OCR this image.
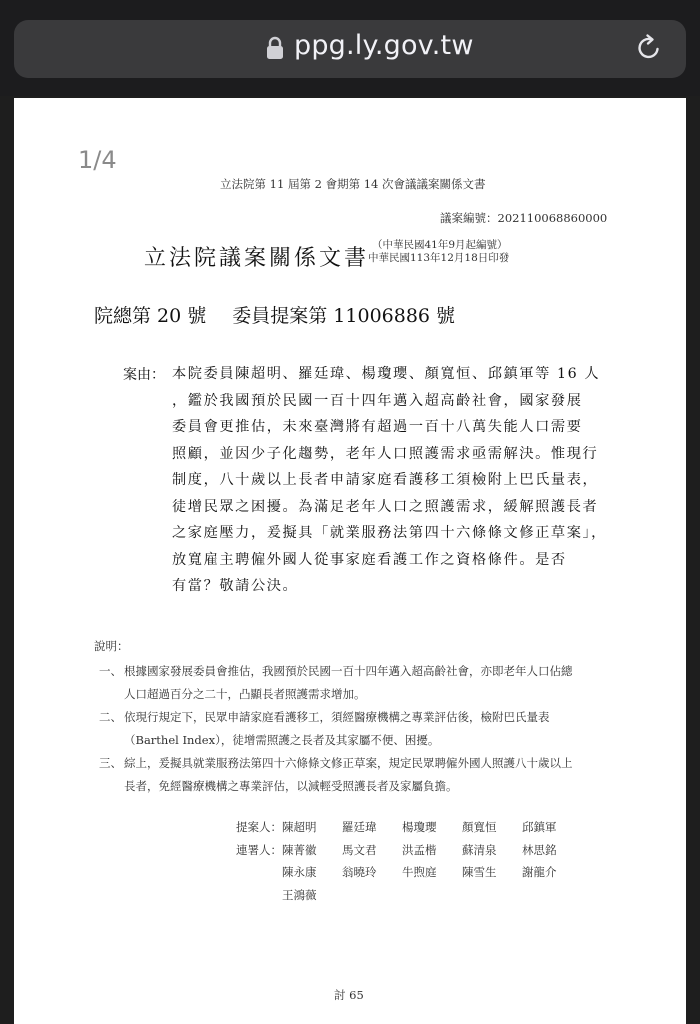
ppg.ly.gov.tw
1/4
立法院第 11 屆第 2 會期第 14 次會議議案關係文書
議案編號：202110068860000
立法院議案關係文書
（中華民國41年9月起編號）
中華民國113年12月18日印發
院總第 20 號 委員提案第 11006886 號
案由： 本院委員陳超明、羅廷瑋、楊瓊瓔、顏寬恒、邱鎮軍等 16 人

，鑑於我國預於民國一百十四年邁入超高齡社會，國家發展

委員會更推估，未來臺灣將有超過一百十八萬失能人口需要

照顧，並因少子化趨勢，老年人口照護需求亟需解決。惟現行

制度，八十歲以上長者申請家庭看護移工須檢附上巴氏量表，

徒增民眾之困擾。為滿足老年人口之照護需求，緩解照護長者

之家庭壓力，爰擬具「就業服務法第四十六條條文修正草案」，

放寬雇主聘僱外國人從事家庭看護工作之資格條件。是否

有當？敬請公決。

說明：
一、 根據國家發展委員會推估，我國預於民國一百十四年邁入超高齡社會，亦即老年人口佔總
人口超過百分之二十，凸顯長者照護需求增加。
二、 依現行規定下，民眾申請家庭看護移工，須經醫療機構之專業評估後，檢附巴氏量表
（Barthel Index），徒增需照護之長者及其家屬不便、困擾。
三、 綜上，爰擬具就業服務法第四十六條條文修正草案，規定民眾聘僱外國人照護八十歲以上
長者，免經醫療機構之專業評估，以減輕受照護長者及家屬負擔。
提案人： 陳超明	羅廷瑋	楊瓊瓔	顏寬恒	邱鎮軍
連署人： 陳菁徽	馬文君	洪孟楷	蘇清泉	林思銘
陳永康	翁曉玲	牛煦庭	陳雪生	謝龍介
王鴻薇
討 65
